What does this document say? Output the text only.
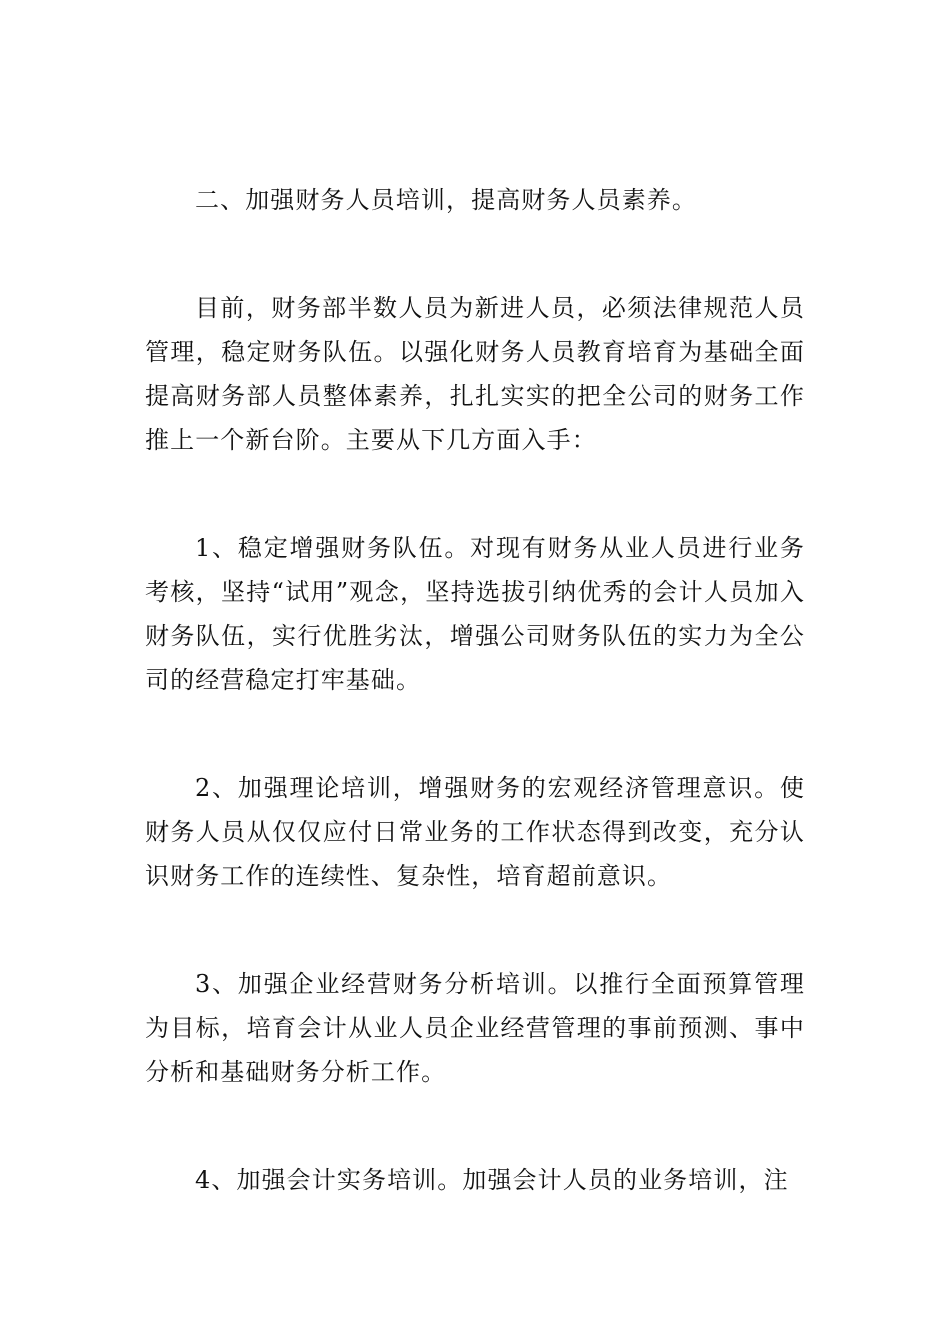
二、加强财务人员培训，提高财务人员素养。

目前，财务部半数人员为新进人员，必须法律规范人员管理，稳定财务队伍。以强化财务人员教育培育为基础全面提高财务部人员整体素养，扎扎实实的把全公司的财务工作推上一个新台阶。主要从下几方面入手：

1、稳定增强财务队伍。对现有财务从业人员进行业务考核，坚持“试用”观念，坚持选拔引纳优秀的会计人员加入财务队伍，实行优胜劣汰，增强公司财务队伍的实力为全公司的经营稳定打牢基础。

2、加强理论培训，增强财务的宏观经济管理意识。使财务人员从仅仅应付日常业务的工作状态得到改变，充分认识财务工作的连续性、复杂性，培育超前意识。

3、加强企业经营财务分析培训。以推行全面预算管理为目标，培育会计从业人员企业经营管理的事前预测、事中分析和基础财务分析工作。

4、加强会计实务培训。加强会计人员的业务培训，注
